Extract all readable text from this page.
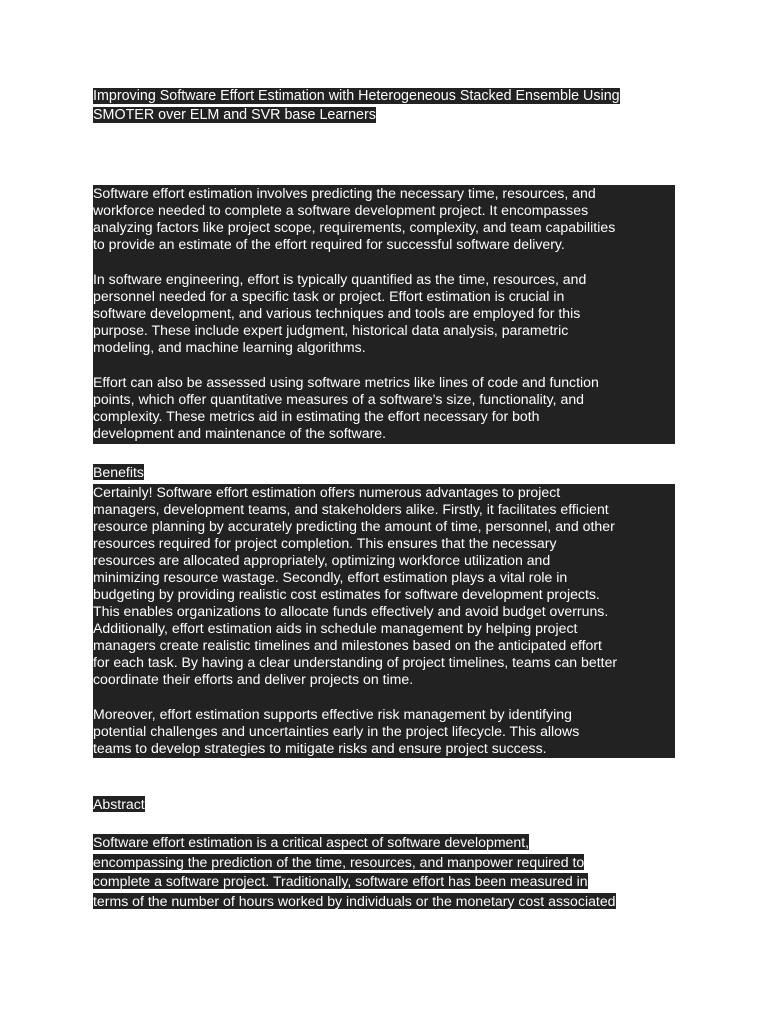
Improving Software Effort Estimation with Heterogeneous Stacked Ensemble Using
SMOTER over ELM and SVR base Learners

Software effort estimation involves predicting the necessary time, resources, and
workforce needed to complete a software development project. It encompasses
analyzing factors like project scope, requirements, complexity, and team capabilities
to provide an estimate of the effort required for successful software delivery.

In software engineering, effort is typically quantified as the time, resources, and
personnel needed for a specific task or project. Effort estimation is crucial in
software development, and various techniques and tools are employed for this
purpose. These include expert judgment, historical data analysis, parametric
modeling, and machine learning algorithms.

Effort can also be assessed using software metrics like lines of code and function
points, which offer quantitative measures of a software's size, functionality, and
complexity. These metrics aid in estimating the effort necessary for both
development and maintenance of the software.

Benefits

Certainly! Software effort estimation offers numerous advantages to project
managers, development teams, and stakeholders alike. Firstly, it facilitates efficient
resource planning by accurately predicting the amount of time, personnel, and other
resources required for project completion. This ensures that the necessary
resources are allocated appropriately, optimizing workforce utilization and
minimizing resource wastage. Secondly, effort estimation plays a vital role in
budgeting by providing realistic cost estimates for software development projects.
This enables organizations to allocate funds effectively and avoid budget overruns.
Additionally, effort estimation aids in schedule management by helping project
managers create realistic timelines and milestones based on the anticipated effort
for each task. By having a clear understanding of project timelines, teams can better
coordinate their efforts and deliver projects on time.

Moreover, effort estimation supports effective risk management by identifying
potential challenges and uncertainties early in the project lifecycle. This allows
teams to develop strategies to mitigate risks and ensure project success.

Abstract
Software effort estimation is a critical aspect of software development,
encompassing the prediction of the time, resources, and manpower required to
complete a software project. Traditionally, software effort has been measured in
terms of the number of hours worked by individuals or the monetary cost associated
